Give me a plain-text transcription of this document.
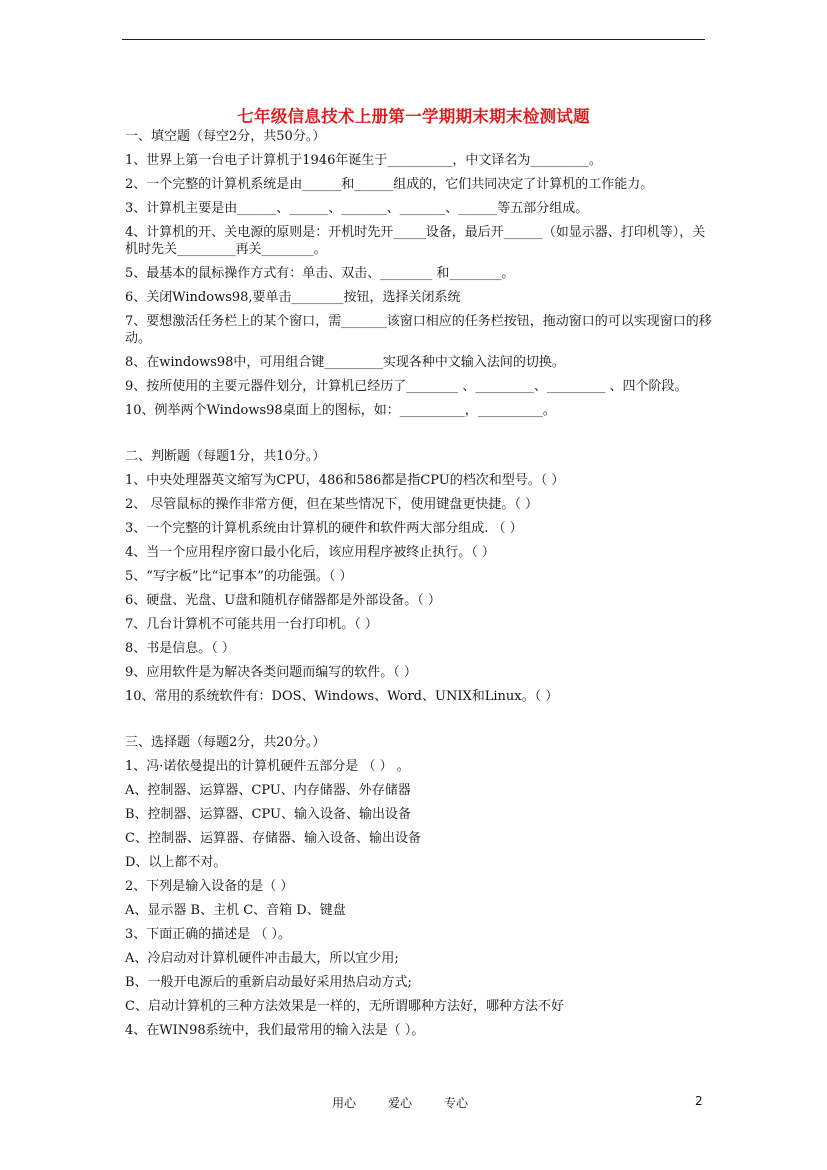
七年级信息技术上册第一学期期末期末检测试题
一、填空题（每空2分，共50分。）
1、世界上第一台电子计算机于1946年诞生于__________，中文译名为_________。
2、一个完整的计算机系统是由______和______组成的，它们共同决定了计算机的工作能力。
3、计算机主要是由______、______、_______、_______、______等五部分组成。
4、计算机的开、关电源的原则是：开机时先开_____设备，最后开______（如显示器、打印机等），关机时先关_________再关________。
5、最基本的鼠标操作方式有：单击、双击、________ 和________。
6、关闭Windows98,要单击________按钮，选择关闭系统
7、要想激活任务栏上的某个窗口，需_______该窗口相应的任务栏按钮，拖动窗口的可以实现窗口的移动。
8、在windows98中，可用组合键_________实现各种中文输入法间的切换。
9、按所使用的主要元器件划分，计算机已经历了________ 、_________、_________ 、四个阶段。
10、例举两个Windows98桌面上的图标，如：__________，__________。
二、判断题（每题1分，共10分。）
1、中央处理器英文缩写为CPU，486和586都是指CPU的档次和型号。（ ）
2、 尽管鼠标的操作非常方便，但在某些情况下，使用键盘更快捷。（ ）
3、一个完整的计算机系统由计算机的硬件和软件两大部分组成. （ ）
4、当一个应用程序窗口最小化后，该应用程序被终止执行。（ ）
5、“写字板”比“记事本”的功能强。（ ）
6、硬盘、光盘、U盘和随机存储器都是外部设备。（ ）
7、几台计算机不可能共用一台打印机。（ ）
8、书是信息。（ ）
9、应用软件是为解决各类问题而编写的软件。（ ）
10、常用的系统软件有：DOS、Windows、Word、UNIX和Linux。（ ）
三、选择题（每题2分，共20分。）
1、冯·诺依曼提出的计算机硬件五部分是 （ ） 。
A、控制器、运算器、CPU、内存储器、外存储器
B、控制器、运算器、CPU、输入设备、输出设备
C、控制器、运算器、存储器、输入设备、输出设备
D、以上都不对。
2、下列是输入设备的是（ ）
A、显示器 B、主机 C、音箱 D、键盘
3、下面正确的描述是 （ ）。
A、冷启动对计算机硬件冲击最大，所以宜少用;
B、一般开电源后的重新启动最好采用热启动方式;
C、启动计算机的三种方法效果是一样的，无所谓哪种方法好，哪种方法不好
4、在WIN98系统中，我们最常用的输入法是（ ）。
用心	爱心	专心	2
